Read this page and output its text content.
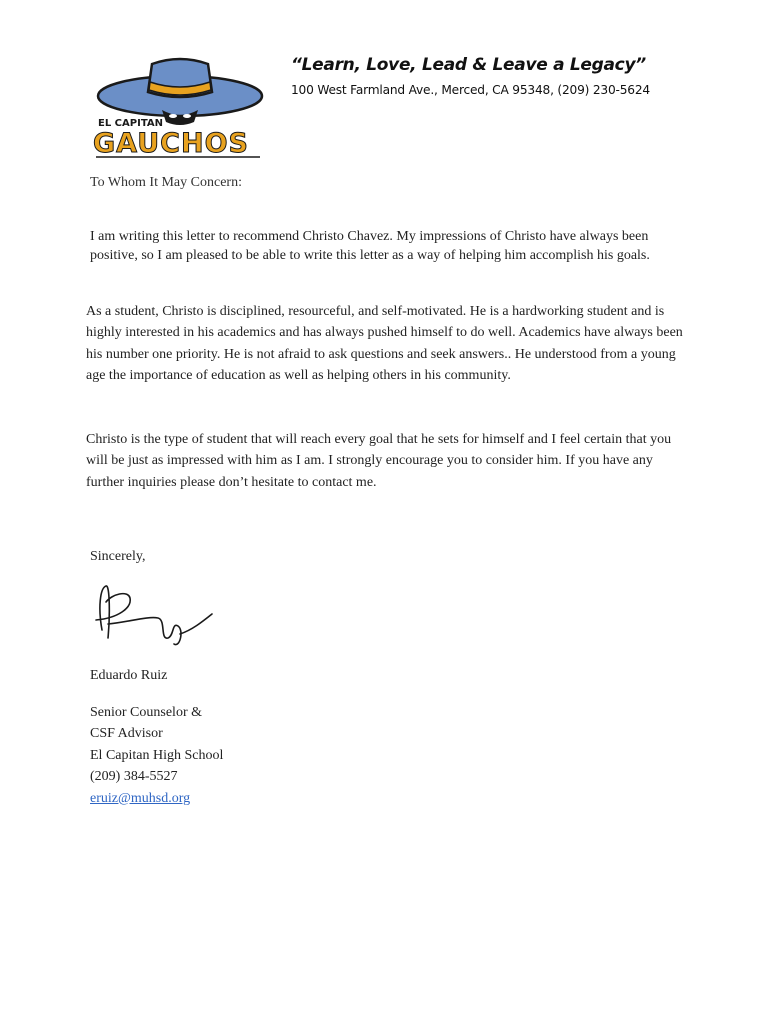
EL CAPITAN
GAUCHOS

“Learn, Love, Lead & Leave a Legacy”

100 West Farmland Ave., Merced, CA 95348, (209) 230-5624

To Whom It May Concern:

I am writing this letter to recommend Christo Chavez. My impressions of Christo have always been positive, so I am pleased to be able to write this letter as a way of helping him accomplish his goals.

As a student, Christo is disciplined, resourceful, and self-motivated. He is a hardworking student and is highly interested in his academics and has always pushed himself to do well. Academics have always been his number one priority. He is not afraid to ask questions and seek answers.. He understood from a young age the importance of education as well as helping others in his community.

Christo is the type of student that will reach every goal that he sets for himself and I feel certain that you will be just as impressed with him as I am. I strongly encourage you to consider him. If you have any further inquiries please don’t hesitate to contact me.

Sincerely,

Eduardo Ruiz

Senior Counselor &
CSF Advisor
El Capitan High School
(209) 384-5527
eruiz@muhsd.org
